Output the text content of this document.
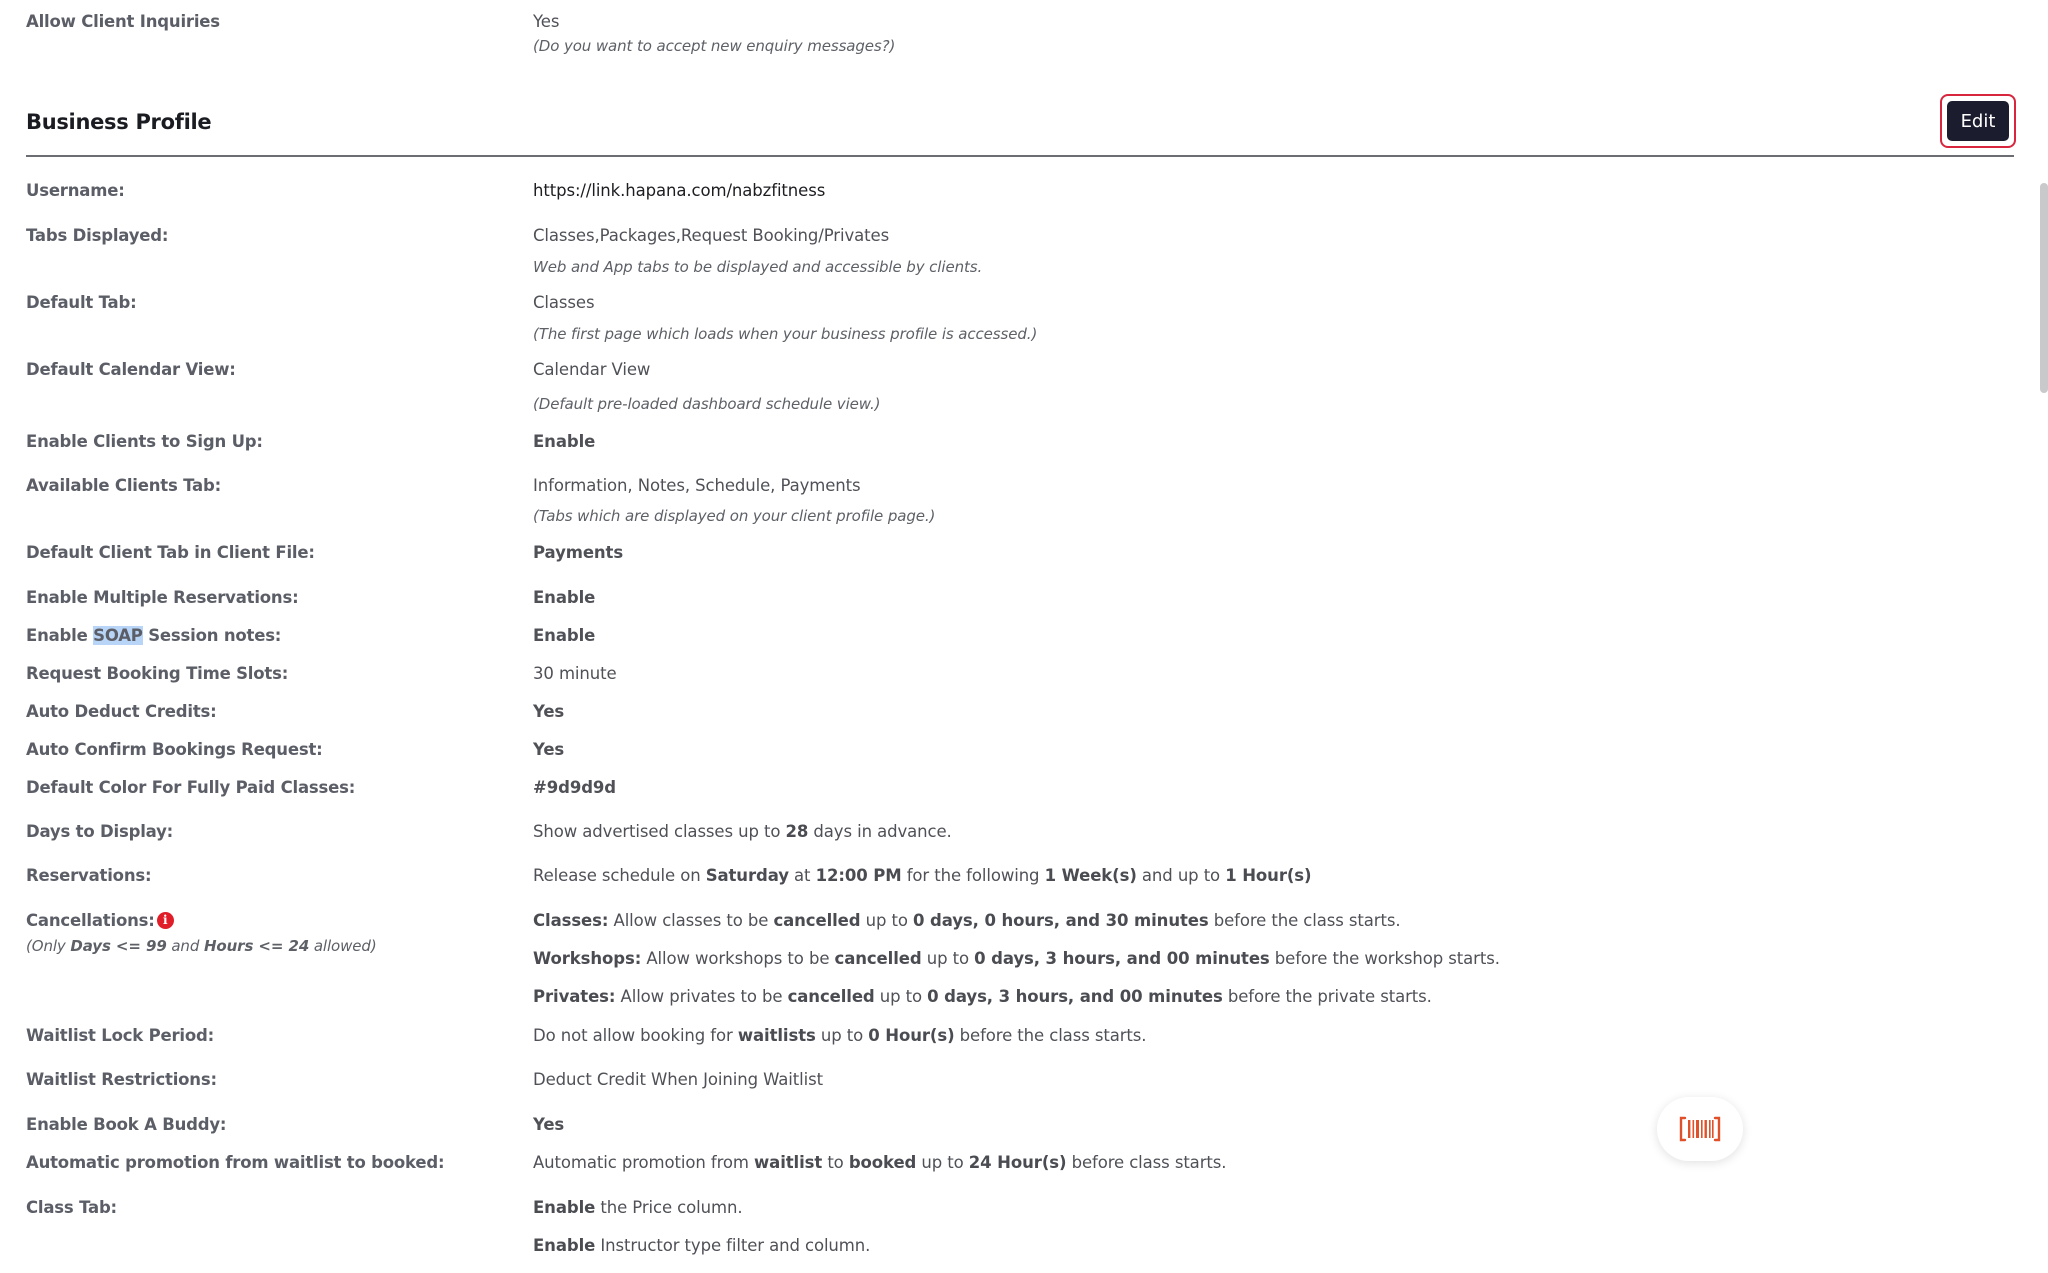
Allow Client Inquiries	Yes
(Do you want to accept new enquiry messages?)
Business Profile	Edit
Username:	https://link.hapana.com/nabzfitness
Tabs Displayed:	Classes,Packages,Request Booking/Privates
Web and App tabs to be displayed and accessible by clients.
Default Tab:	Classes
(The first page which loads when your business profile is accessed.)
Default Calendar View:	Calendar View
(Default pre-loaded dashboard schedule view.)
Enable Clients to Sign Up:	Enable
Available Clients Tab:	Information, Notes, Schedule, Payments
(Tabs which are displayed on your client profile page.)
Default Client Tab in Client File:	Payments
Enable Multiple Reservations:	Enable
Enable SOAP Session notes:	Enable
Request Booking Time Slots:	30 minute
Auto Deduct Credits:	Yes
Auto Confirm Bookings Request:	Yes
Default Color For Fully Paid Classes:	#9d9d9d
Days to Display:	Show advertised classes up to 28 days in advance.
Reservations:	Release schedule on Saturday at 12:00 PM for the following 1 Week(s) and up to 1 Hour(s)
Cancellations: i
(Only Days <= 99 and Hours <= 24 allowed)
Classes: Allow classes to be cancelled up to 0 days, 0 hours, and 30 minutes before the class starts.
Workshops: Allow workshops to be cancelled up to 0 days, 3 hours, and 00 minutes before the workshop starts.
Privates: Allow privates to be cancelled up to 0 days, 3 hours, and 00 minutes before the private starts.
Waitlist Lock Period:	Do not allow booking for waitlists up to 0 Hour(s) before the class starts.
Waitlist Restrictions:	Deduct Credit When Joining Waitlist
Enable Book A Buddy:	Yes
Automatic promotion from waitlist to booked:	Automatic promotion from waitlist to booked up to 24 Hour(s) before class starts.
Class Tab:	Enable the Price column.
Enable Instructor type filter and column.
